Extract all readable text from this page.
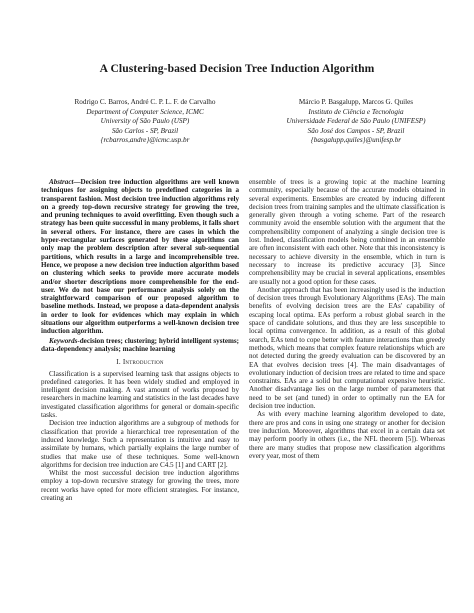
A Clustering-based Decision Tree Induction Algorithm
Rodrigo C. Barros, André C. P. L. F. de Carvalho
Department of Computer Science, ICMC
University of São Paulo (USP)
São Carlos - SP, Brazil
{rcbarros,andre}@icmc.usp.br
Márcio P. Basgalupp, Marcos G. Quiles
Instituto de Ciência e Tecnologia
Universidade Federal de São Paulo (UNIFESP)
São José dos Campos - SP, Brazil
{basgalupp,quiles}@unifesp.br

Abstract—Decision tree induction algorithms are well known techniques for assigning objects to predefined categories in a transparent fashion. Most decision tree induction algorithms rely on a greedy top-down recursive strategy for growing the tree, and pruning techniques to avoid overfitting. Even though such a strategy has been quite successful in many problems, it falls short in several others. For instance, there are cases in which the hyper-rectangular surfaces generated by these algorithms can only map the problem description after several sub-sequential partitions, which results in a large and incomprehensible tree. Hence, we propose a new decision tree induction algorithm based on clustering which seeks to provide more accurate models and/or shorter descriptions more comprehensible for the end-user. We do not base our performance analysis solely on the straightforward comparison of our proposed algorithm to baseline methods. Instead, we propose a data-dependent analysis in order to look for evidences which may explain in which situations our algorithm outperforms a well-known decision tree induction algorithm.

Keywords-decision trees; clustering; hybrid intelligent systems; data-dependency analysis; machine learning

I. Introduction

Classification is a supervised learning task that assigns objects to predefined categories. It has been widely studied and employed in intelligent decision making. A vast amount of works proposed by researchers in machine learning and statistics in the last decades have investigated classification algorithms for general or domain-specific tasks.

Decision tree induction algorithms are a subgroup of methods for classification that provide a hierarchical tree representation of the induced knowledge. Such a representation is intuitive and easy to assimilate by humans, which partially explains the large number of studies that make use of these techniques. Some well-known algorithms for decision tree induction are C4.5 [1] and CART [2].

Whilst the most successful decision tree induction algorithms employ a top-down recursive strategy for growing the trees, more recent works have opted for more efficient strategies. For instance, creating an

ensemble of trees is a growing topic at the machine learning community, especially because of the accurate models obtained in several experiments. Ensembles are created by inducing different decision trees from training samples and the ultimate classification is generally given through a voting scheme. Part of the research community avoid the ensemble solution with the argument that the comprehensibility component of analyzing a single decision tree is lost. Indeed, classification models being combined in an ensemble are often inconsistent with each other. Note that this inconsistency is necessary to achieve diversity in the ensemble, which in turn is necessary to increase its predictive accuracy [3]. Since comprehensibility may be crucial in several applications, ensembles are usually not a good option for these cases.

Another approach that has been increasingly used is the induction of decision trees through Evolutionary Algorithms (EAs). The main benefits of evolving decision trees are the EAs' capability of escaping local optima. EAs perform a robust global search in the space of candidate solutions, and thus they are less susceptible to local optima convergence. In addition, as a result of this global search, EAs tend to cope better with feature interactions than greedy methods, which means that complex feature relationships which are not detected during the greedy evaluation can be discovered by an EA that evolves decision trees [4]. The main disadvantages of evolutionary induction of decision trees are related to time and space constraints. EAs are a solid but computational expensive heuristic. Another disadvantage lies on the large number of parameters that need to be set (and tuned) in order to optimally run the EA for decision tree induction.

As with every machine learning algorithm developed to date, there are pros and cons in using one strategy or another for decision tree induction. Moreover, algorithms that excel in a certain data set may perform poorly in others (i.e., the NFL theorem [5]). Whereas there are many studies that propose new classification algorithms every year, most of them
